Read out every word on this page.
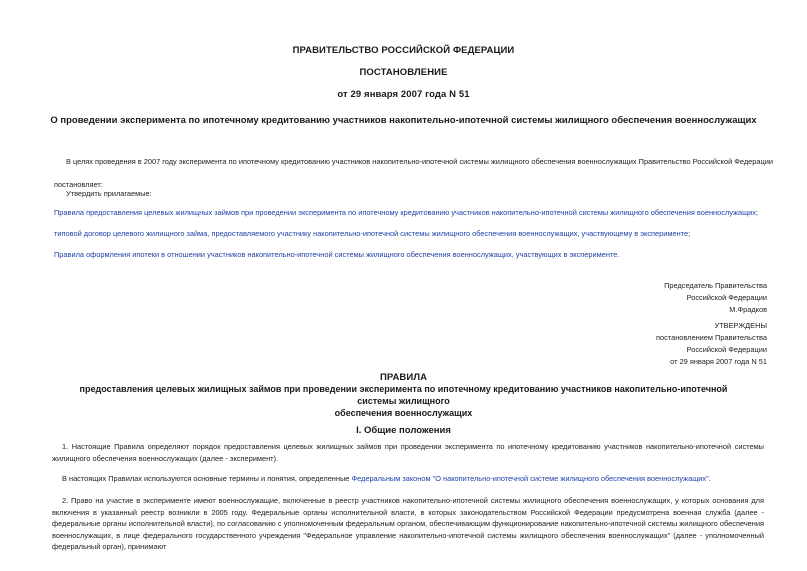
ПРАВИТЕЛЬСТВО РОССИЙСКОЙ ФЕДЕРАЦИИ
ПОСТАНОВЛЕНИЕ
от 29 января 2007 года N 51
О проведении эксперимента по ипотечному кредитованию участников накопительно-ипотечной системы жилищного обеспечения военнослужащих
В целях проведения в 2007 году эксперимента по ипотечному кредитованию участников накопительно-ипотечной системы жилищного обеспечения военнослужащих Правительство Российской Федерации
постановляет:
Утвердить прилагаемые:
Правила предоставления целевых жилищных займов при проведении эксперимента по ипотечному кредитованию участников накопительно-ипотечной системы жилищного обеспечения военнослужащих;
типовой договор целевого жилищного займа, предоставляемого участнику накопительно-ипотечной системы жилищного обеспечения военнослужащих, участвующему в эксперименте;
Правила оформления ипотеки в отношении участников накопительно-ипотечной системы жилищного обеспечения военнослужащих, участвующих в эксперименте.
Председатель Правительства
Российской Федерации
М.Фрадков
УТВЕРЖДЕНЫ
постановлением Правительства
Российской Федерации
от 29 января 2007 года N 51
ПРАВИЛА
предоставления целевых жилищных займов при проведении эксперимента по ипотечному кредитованию участников накопительно-ипотечной системы жилищного
обеспечения военнослужащих
I. Общие положения
1. Настоящие Правила определяют порядок предоставления целевых жилищных займов при проведении эксперимента по ипотечному кредитованию участников накопительно-ипотечной системы жилищного обеспечения военнослужащих (далее - эксперимент).
В настоящих Правилах используются основные термины и понятия, определенные Федеральным законом "О накопительно-ипотечной системе жилищного обеспечения военнослужащих".
2. Право на участие в эксперименте имеют военнослужащие, включенные в реестр участников накопительно-ипотечной системы жилищного обеспечения военнослужащих, у которых основания для включения в указанный реестр возникли в 2005 году. Федеральные органы исполнительной власти, в которых законодательством Российской Федерации предусмотрена военная служба (далее - федеральные органы исполнительной власти), по согласованию с уполномоченным федеральным органом, обеспечивающим функционирование накопительно-ипотечной системы жилищного обеспечения военнослужащих, в лице федерального государственного учреждения "Федеральное управление накопительно-ипотечной системы жилищного обеспечения военнослужащих" (далее - уполномоченный федеральный орган), принимают
